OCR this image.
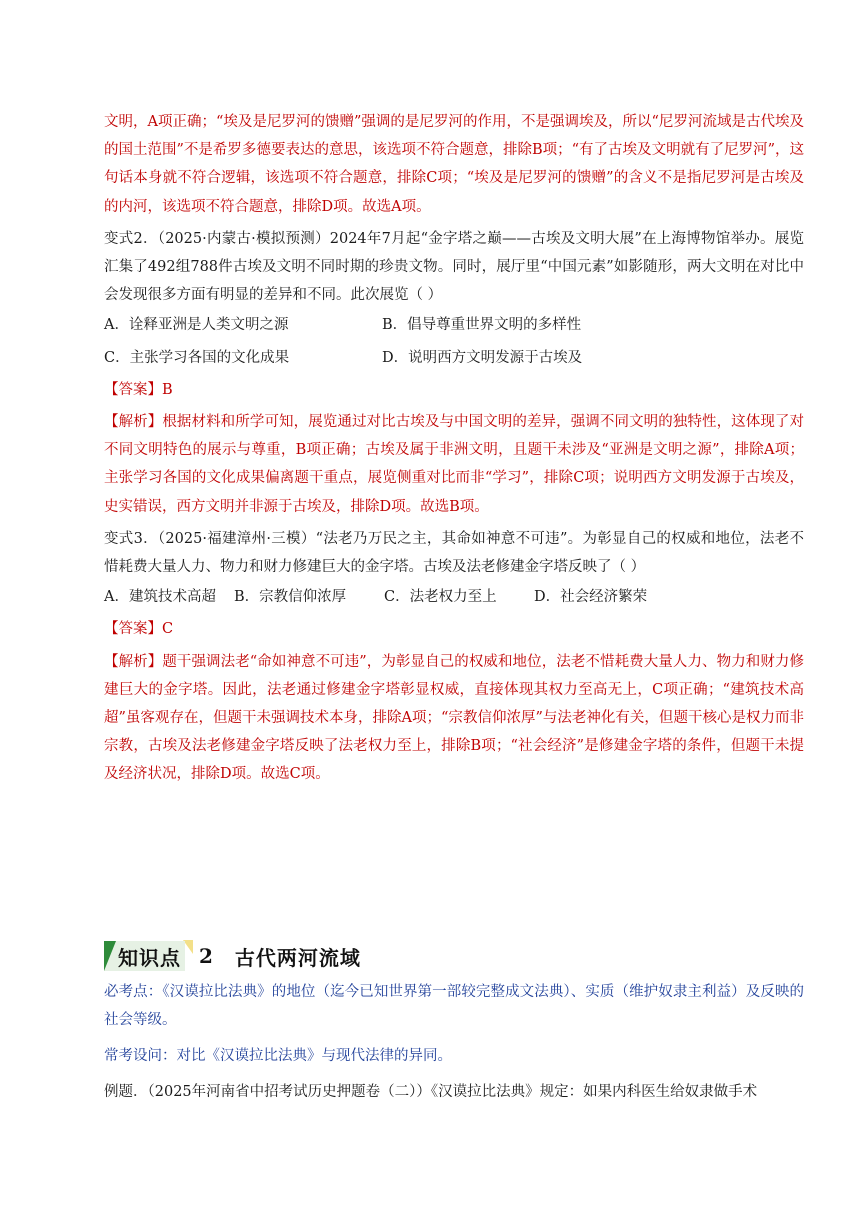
文明，A项正确；“埃及是尼罗河的馈赠”强调的是尼罗河的作用，不是强调埃及，所以“尼罗河流域是古代埃及的国土范围”不是希罗多德要表达的意思，该选项不符合题意，排除B项；“有了古埃及文明就有了尼罗河”，这句话本身就不符合逻辑，该选项不符合题意，排除C项；“埃及是尼罗河的馈赠”的含义不是指尼罗河是古埃及的内河，该选项不符合题意，排除D项。故选A项。

变式2．（2025·内蒙古·模拟预测）2024年7月起“金字塔之巅——古埃及文明大展”在上海博物馆举办。展览汇集了492组788件古埃及文明不同时期的珍贵文物。同时，展厅里“中国元素”如影随形，两大文明在对比中会发现很多方面有明显的差异和不同。此次展览（ ）

A．诠释亚洲是人类文明之源	B．倡导尊重世界文明的多样性
C．主张学习各国的文化成果	D．说明西方文明发源于古埃及

【答案】B

【解析】根据材料和所学可知，展览通过对比古埃及与中国文明的差异，强调不同文明的独特性，这体现了对不同文明特色的展示与尊重，B项正确；古埃及属于非洲文明，且题干未涉及“亚洲是文明之源”，排除A项；主张学习各国的文化成果偏离题干重点，展览侧重对比而非“学习”，排除C项；说明西方文明发源于古埃及，史实错误，西方文明并非源于古埃及，排除D项。故选B项。

变式3．（2025·福建漳州·三模）“法老乃万民之主，其命如神意不可违”。为彰显自己的权威和地位，法老不惜耗费大量人力、物力和财力修建巨大的金字塔。古埃及法老修建金字塔反映了（ ）

A．建筑技术高超	B．宗教信仰浓厚	C．法老权力至上	D．社会经济繁荣

【答案】C

【解析】题干强调法老“命如神意不可违”，为彰显自己的权威和地位，法老不惜耗费大量人力、物力和财力修建巨大的金字塔。因此，法老通过修建金字塔彰显权威，直接体现其权力至高无上，C项正确；“建筑技术高超”虽客观存在，但题干未强调技术本身，排除A项；“宗教信仰浓厚”与法老神化有关，但题干核心是权力而非宗教，古埃及法老修建金字塔反映了法老权力至上，排除B项；“社会经济”是修建金字塔的条件，但题干未提及经济状况，排除D项。故选C项。

知识点 2 古代两河流域

必考点：《汉谟拉比法典》的地位（迄今已知世界第一部较完整成文法典）、实质（维护奴隶主利益）及反映的社会等级。

常考设问：对比《汉谟拉比法典》与现代法律的异同。

例题．（2025年河南省中招考试历史押题卷（二））《汉谟拉比法典》规定：如果内科医生给奴隶做手术
